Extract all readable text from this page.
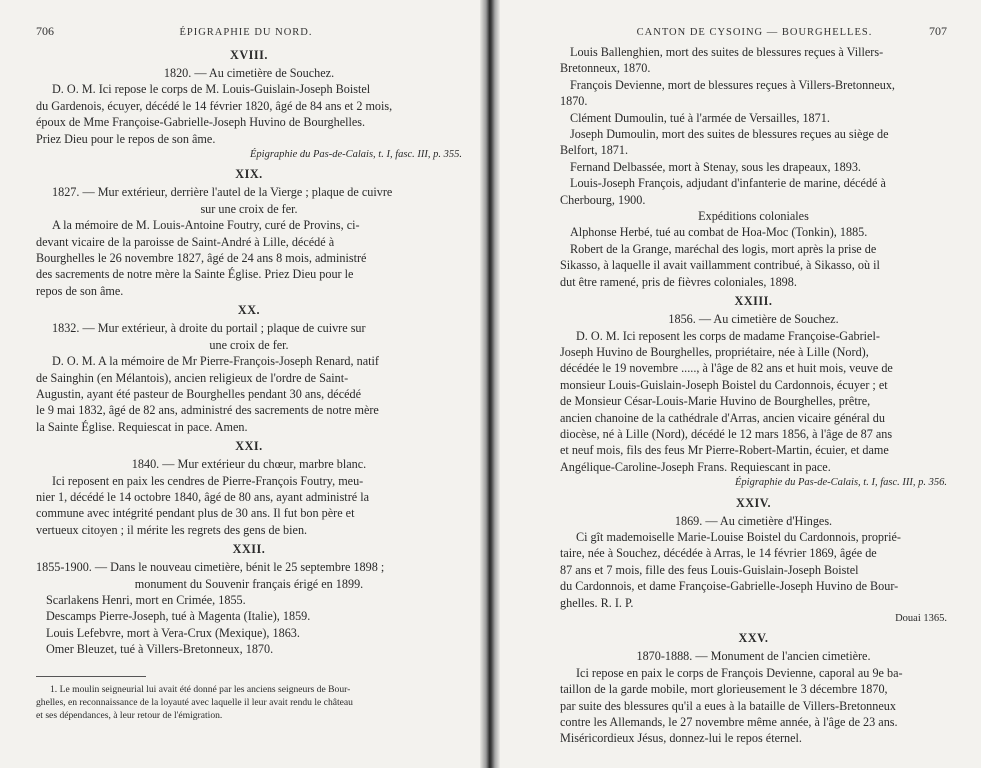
706	ÉPIGRAPHIE DU NORD.
XVIII.

1820. — Au cimetière de Souchez.

D. O. M. Ici repose le corps de M. Louis-Guislain-Joseph Boistel

du Gardenois, écuyer, décédé le 14 février 1820, âgé de 84 ans et 2 mois,

époux de Mme Françoise-Gabrielle-Joseph Huvino de Bourghelles.

Priez Dieu pour le repos de son âme.

Épigraphie du Pas-de-Calais, t. I, fasc. III, p. 355.

XIX.

1827. — Mur extérieur, derrière l'autel de la Vierge ; plaque de cuivre

sur une croix de fer.

A la mémoire de M. Louis-Antoine Foutry, curé de Provins, ci-

devant vicaire de la paroisse de Saint-André à Lille, décédé à

Bourghelles le 26 novembre 1827, âgé de 24 ans 8 mois, administré

des sacrements de notre mère la Sainte Église. Priez Dieu pour le

repos de son âme.

XX.

1832. — Mur extérieur, à droite du portail ; plaque de cuivre sur

une croix de fer.

D. O. M. A la mémoire de Mr Pierre-François-Joseph Renard, natif

de Sainghin (en Mélantois), ancien religieux de l'ordre de Saint-

Augustin, ayant été pasteur de Bourghelles pendant 30 ans, décédé

le 9 mai 1832, âgé de 82 ans, administré des sacrements de notre mère

la Sainte Église. Requiescat in pace. Amen.

XXI.

1840. — Mur extérieur du chœur, marbre blanc.

Ici reposent en paix les cendres de Pierre-François Foutry, meu-

nier 1, décédé le 14 octobre 1840, âgé de 80 ans, ayant administré la

commune avec intégrité pendant plus de 30 ans. Il fut bon père et

vertueux citoyen ; il mérite les regrets des gens de bien.

XXII.

1855-1900. — Dans le nouveau cimetière, bénit le 25 septembre 1898 ;

monument du Souvenir français érigé en 1899.

Scarlakens Henri, mort en Crimée, 1855.

Descamps Pierre-Joseph, tué à Magenta (Italie), 1859.

Louis Lefebvre, mort à Vera-Crux (Mexique), 1863.

Omer Bleuzet, tué à Villers-Bretonneux, 1870.

1. Le moulin seigneurial lui avait été donné par les anciens seigneurs de Bour-

ghelles, en reconnaissance de la loyauté avec laquelle il leur avait rendu le château

et ses dépendances, à leur retour de l'émigration.

CANTON DE CYSOING — BOURGHELLES.	707

Louis Ballenghien, mort des suites de blessures reçues à Villers-

Bretonneux, 1870.

François Devienne, mort de blessures reçues à Villers-Bretonneux,

1870.

Clément Dumoulin, tué à l'armée de Versailles, 1871.

Joseph Dumoulin, mort des suites de blessures reçues au siège de

Belfort, 1871.

Fernand Delbassée, mort à Stenay, sous les drapeaux, 1893.

Louis-Joseph François, adjudant d'infanterie de marine, décédé à

Cherbourg, 1900.

Expéditions coloniales

Alphonse Herbé, tué au combat de Hoa-Moc (Tonkin), 1885.

Robert de la Grange, maréchal des logis, mort après la prise de

Sikasso, à laquelle il avait vaillamment contribué, à Sikasso, où il

dut être ramené, pris de fièvres coloniales, 1898.

XXIII.

1856. — Au cimetière de Souchez.

D. O. M. Ici reposent les corps de madame Françoise-Gabriel-

Joseph Huvino de Bourghelles, propriétaire, née à Lille (Nord),

décédée le 19 novembre ....., à l'âge de 82 ans et huit mois, veuve de

monsieur Louis-Guislain-Joseph Boistel du Cardonnois, écuyer ; et

de Monsieur César-Louis-Marie Huvino de Bourghelles, prêtre,

ancien chanoine de la cathédrale d'Arras, ancien vicaire général du

diocèse, né à Lille (Nord), décédé le 12 mars 1856, à l'âge de 87 ans

et neuf mois, fils des feus Mr Pierre-Robert-Martin, écuier, et dame

Angélique-Caroline-Joseph Frans. Requiescant in pace.

Épigraphie du Pas-de-Calais, t. I, fasc. III, p. 356.

XXIV.

1869. — Au cimetière d'Hinges.

Ci gît mademoiselle Marie-Louise Boistel du Cardonnois, proprié-

taire, née à Souchez, décédée à Arras, le 14 février 1869, âgée de

87 ans et 7 mois, fille des feus Louis-Guislain-Joseph Boistel

du Cardonnois, et dame Françoise-Gabrielle-Joseph Huvino de Bour-

ghelles. R. I. P.

Douai 1365.

XXV.

1870-1888. — Monument de l'ancien cimetière.

Ici repose en paix le corps de François Devienne, caporal au 9e ba-

taillon de la garde mobile, mort glorieusement le 3 décembre 1870,

par suite des blessures qu'il a eues à la bataille de Villers-Bretonneux

contre les Allemands, le 27 novembre même année, à l'âge de 23 ans.

Miséricordieux Jésus, donnez-lui le repos éternel.
